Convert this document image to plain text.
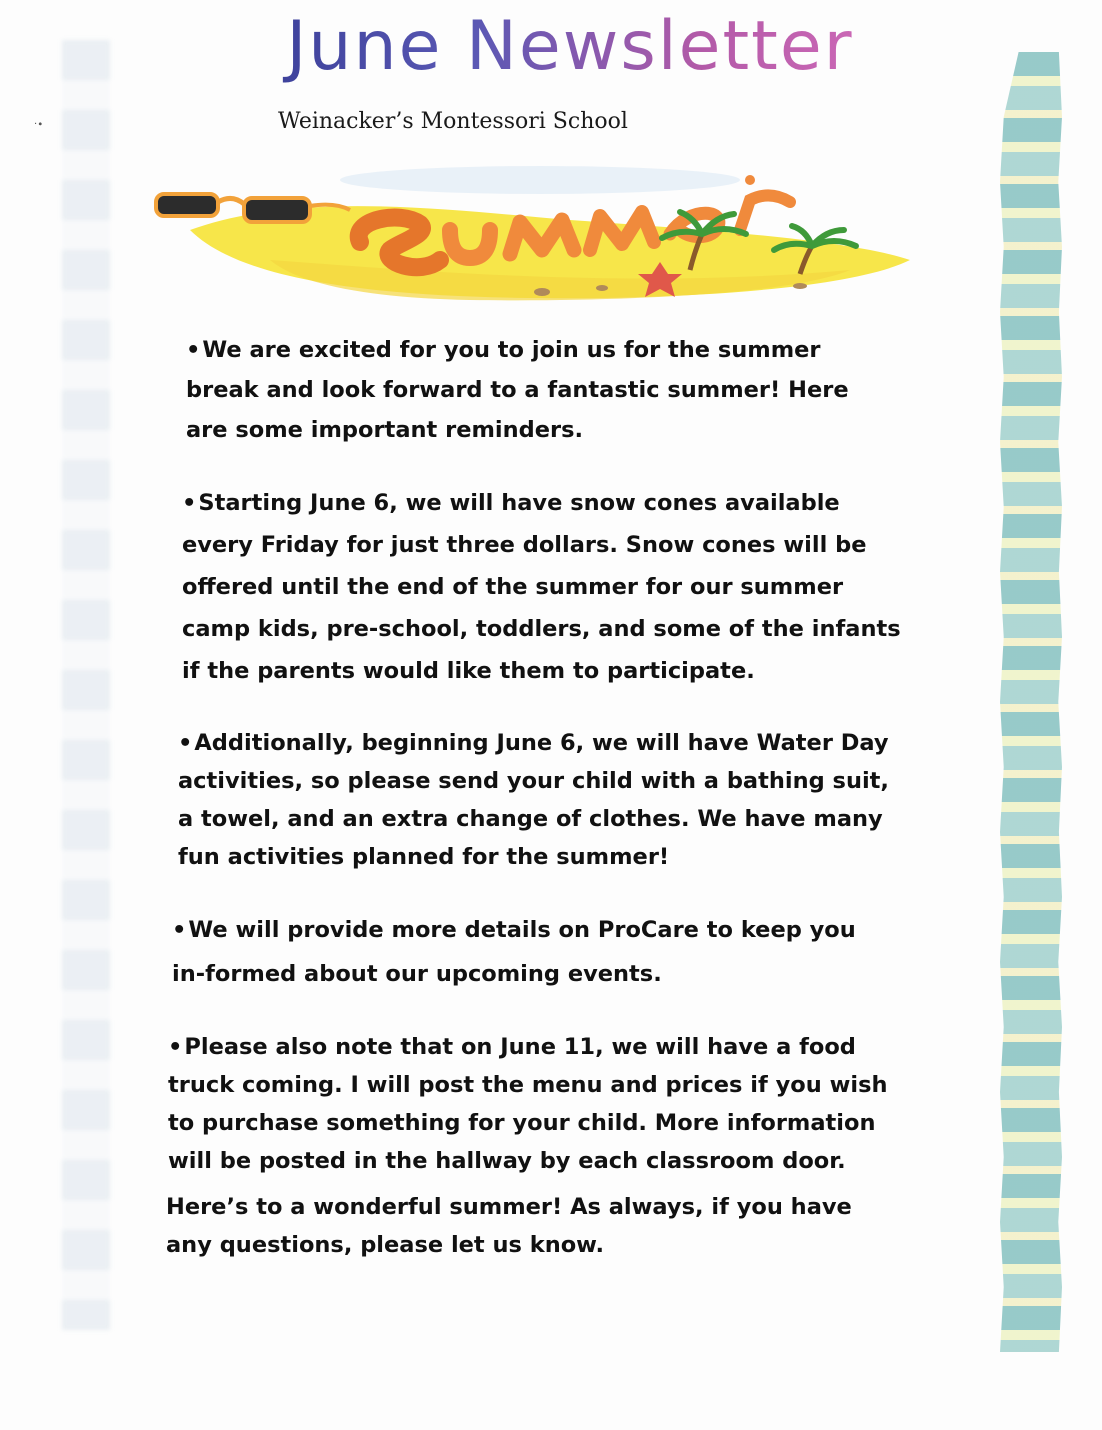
·∙
June Newsletter

Weinacker’s Montessori School

•We are excited for you to join us for the summer break and look forward to a fantastic summer! Here are some important reminders.

•Starting June 6, we will have snow cones available every Friday for just three dollars. Snow cones will be offered until the end of the summer for our summer camp kids, pre-school, toddlers, and some of the infants if the parents would like them to participate.

•Additionally, beginning June 6, we will have Water Day activities, so please send your child with a bathing suit, a towel, and an extra change of clothes. We have many fun activities planned for the summer!

•We will provide more details on ProCare to keep you in-formed about our upcoming events.

•Please also note that on June 11, we will have a food truck coming. I will post the menu and prices if you wish to purchase something for your child. More information will be posted in the hallway by each classroom door.

Here’s to a wonderful summer! As always, if you have any questions, please let us know.
